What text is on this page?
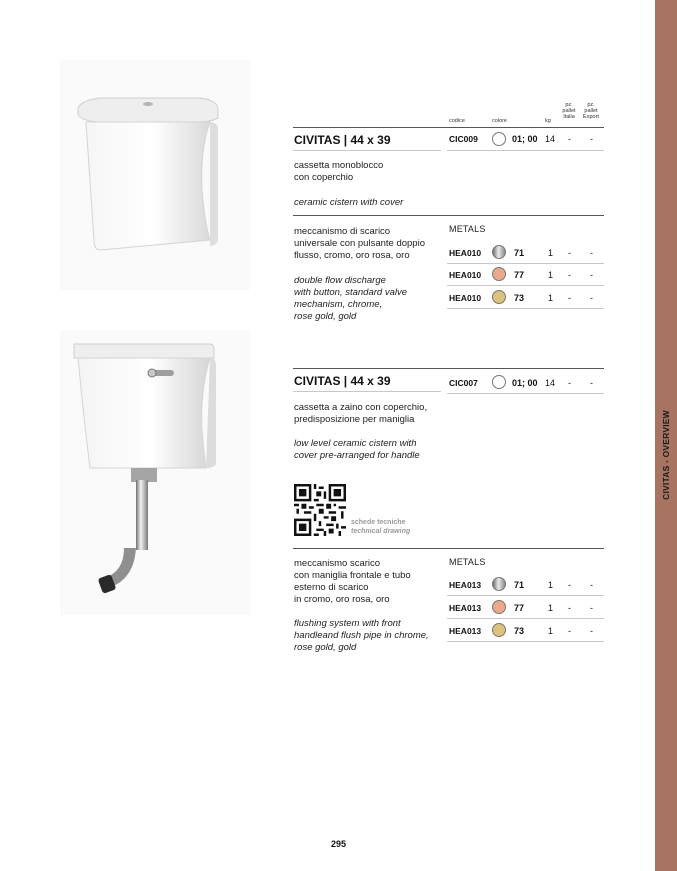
CIVITAS - OVERVIEW
codice	colore	kg
pz.
pallet
Italia
pz.
pallet
Export
CIVITAS | 44 x 39	CIC009	01; 00 14 - -
cassetta monoblocco
con coperchio
ceramic cistern with cover
meccanismo di scarico
universale con pulsante doppio
flusso, cromo, oro rosa, oro
double flow discharge
with button, standard valve
mechanism, chrome,
rose gold, gold
METALS
HEA010	71	1 - -
HEA010	77	1 - -
HEA010	73	1 - -
CIVITAS | 44 x 39	CIC007	01; 00 14 - -
cassetta a zaino con coperchio,
predisposizione per maniglia
low level ceramic cistern with
cover pre-arranged for handle
schede tecniche
technical drawing
meccanismo scarico
con maniglia frontale e tubo
esterno di scarico
in cromo, oro rosa, oro
flushing system with front
handleand flush pipe in chrome,
rose gold, gold
METALS
HEA013	71	1 - -
HEA013	77	1 - -
HEA013	73	1 - -
295
